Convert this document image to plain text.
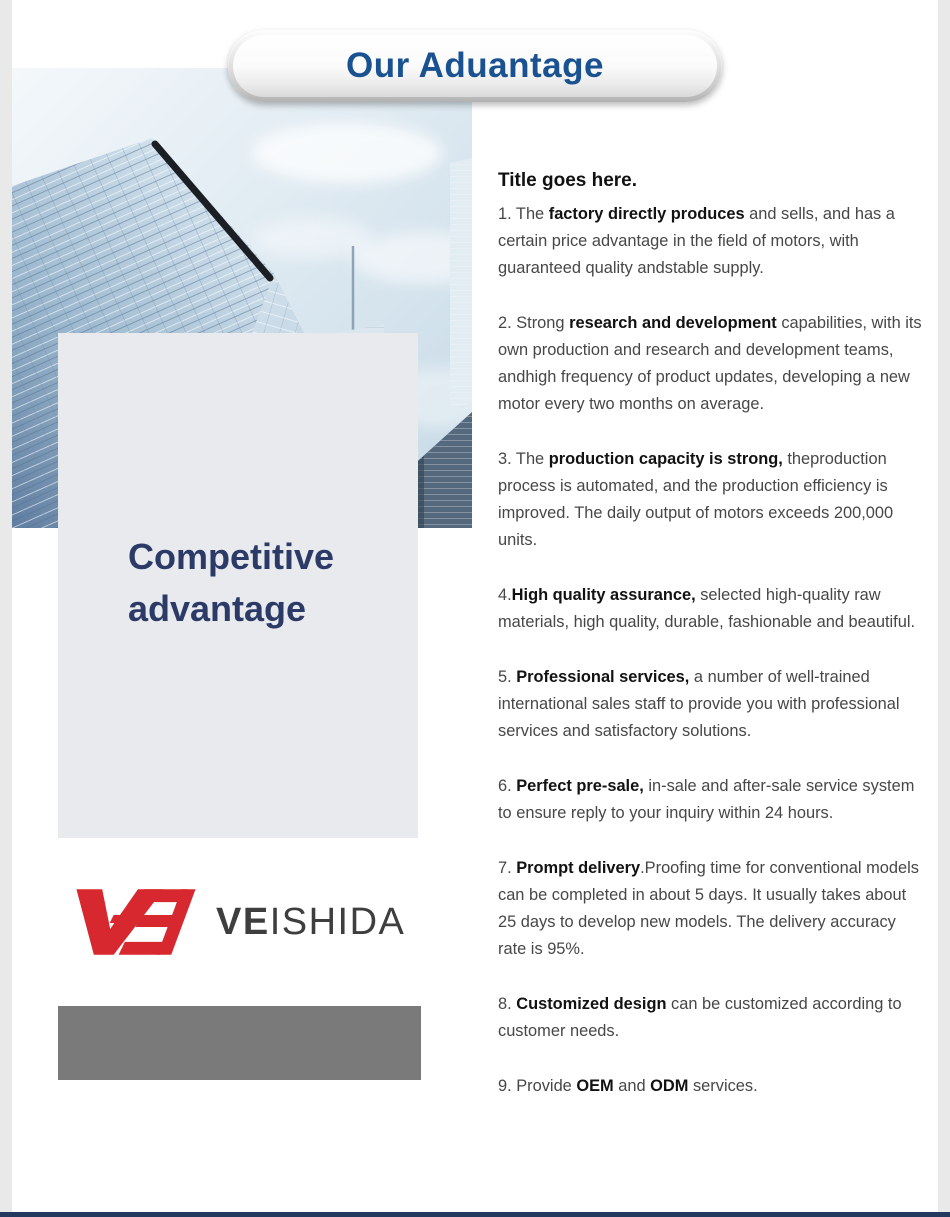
Our Aduantage
Competitive advantage
VEISHIDA

Title goes here.

1. The factory directly produces and sells, and has a certain price advantage in the field of motors, with guaranteed quality andstable supply.

2. Strong research and development capabilities, with its own production and research and development teams, andhigh frequency of product updates, developing a new motor every two months on average.

3. The production capacity is strong, theproduction process is automated, and the production efficiency is improved. The daily output of motors exceeds 200,000 units.

4.High quality assurance, selected high-quality raw materials, high quality, durable, fashionable and beautiful.

5. Professional services, a number of well-trained international sales staff to provide you with professional services and satisfactory solutions.

6. Perfect pre-sale, in-sale and after-sale service system to ensure reply to your inquiry within 24 hours.

7. Prompt delivery.Proofing time for conventional models can be completed in about 5 days. It usually takes about 25 days to develop new models. The delivery accuracy rate is 95%.

8. Customized design can be customized according to customer needs.

9. Provide OEM and ODM services.
